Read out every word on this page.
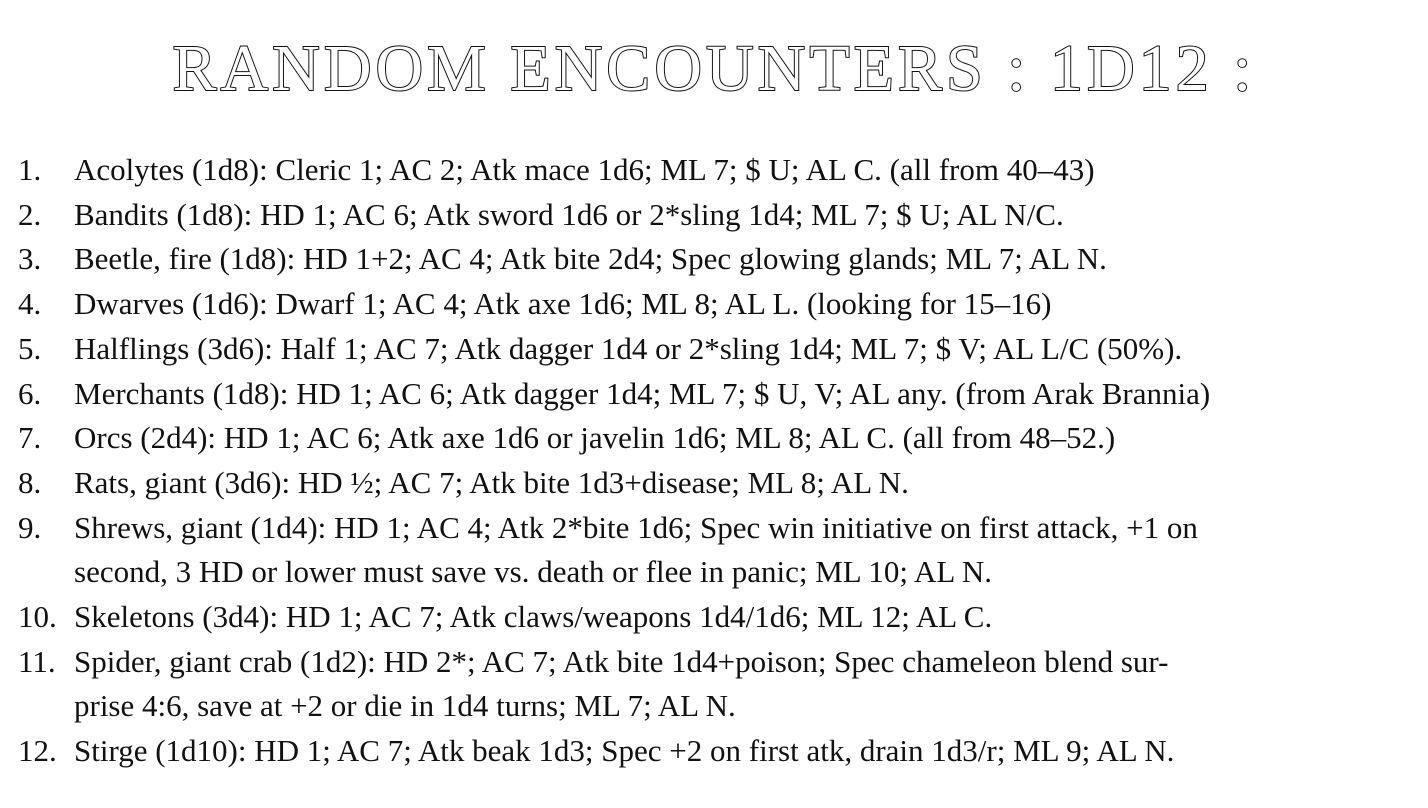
RANDOM ENCOUNTERS : 1D12 :
1.	Acolytes (1d8): Cleric 1; AC 2; Atk mace 1d6; ML 7; $ U; AL C. (all from 40–43)
2.	Bandits (1d8): HD 1; AC 6; Atk sword 1d6 or 2*sling 1d4; ML 7; $ U; AL N/C.
3.	Beetle, fire (1d8): HD 1+2; AC 4; Atk bite 2d4; Spec glowing glands; ML 7; AL N.
4.	Dwarves (1d6): Dwarf 1; AC 4; Atk axe 1d6; ML 8; AL L. (looking for 15–16)
5.	Halflings (3d6): Half 1; AC 7; Atk dagger 1d4 or 2*sling 1d4; ML 7; $ V; AL L/C (50%).
6.	Merchants (1d8): HD 1; AC 6; Atk dagger 1d4; ML 7; $ U, V; AL any. (from Arak Brannia)
7.	Orcs (2d4): HD 1; AC 6; Atk axe 1d6 or javelin 1d6; ML 8; AL C. (all from 48–52.)
8.	Rats, giant (3d6): HD ½; AC 7; Atk bite 1d3+disease; ML 8; AL N.
9.	Shrews, giant (1d4): HD 1; AC 4; Atk 2*bite 1d6; Spec win initiative on first attack, +1 on
second, 3 HD or lower must save vs. death or flee in panic; ML 10; AL N.
10. Skeletons (3d4): HD 1; AC 7; Atk claws/weapons 1d4/1d6; ML 12; AL C.
11. Spider, giant crab (1d2): HD 2*; AC 7; Atk bite 1d4+poison; Spec chameleon blend sur-
prise 4:6, save at +2 or die in 1d4 turns; ML 7; AL N.
12. Stirge (1d10): HD 1; AC 7; Atk beak 1d3; Spec +2 on first atk, drain 1d3/r; ML 9; AL N.
